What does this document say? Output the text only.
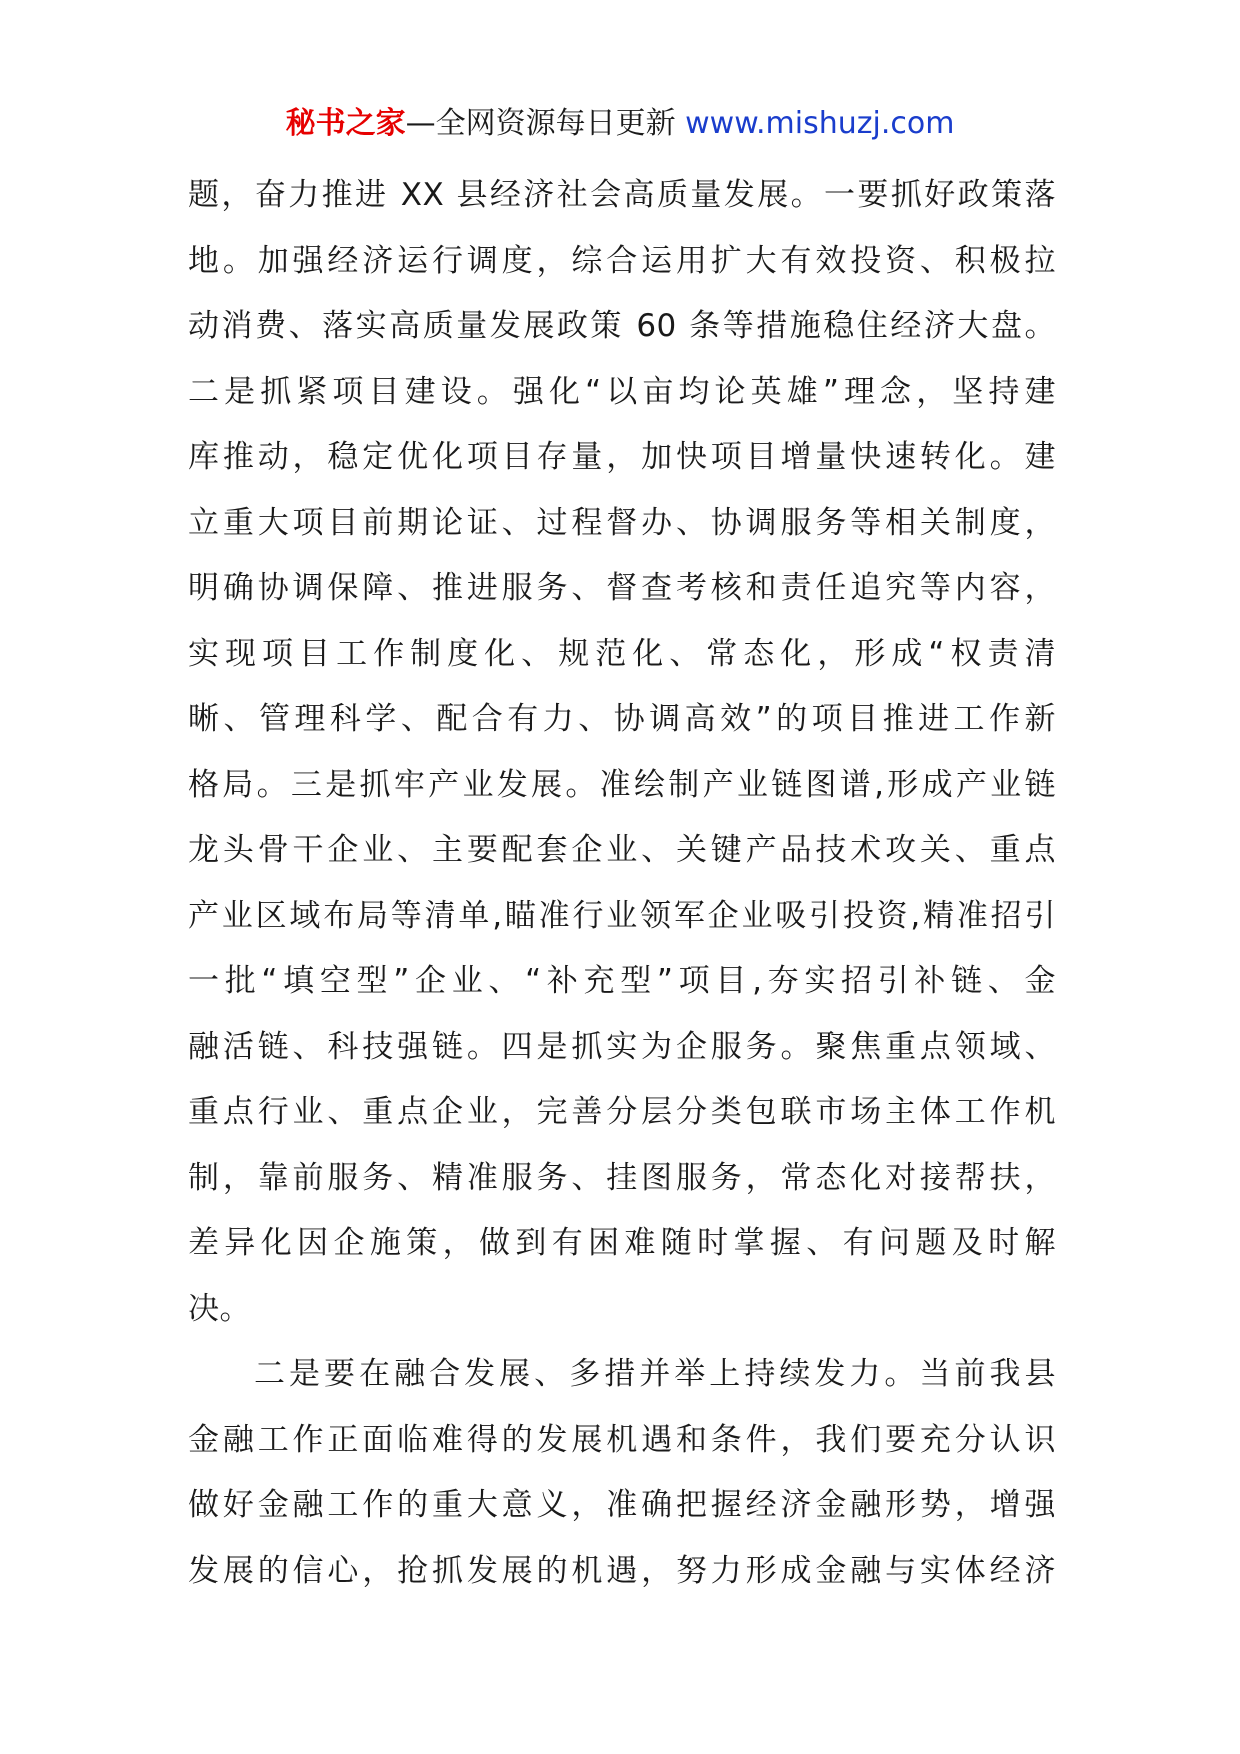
秘书之家—全网资源每日更新 www.mishuzj.com
题，奋力推进 XX 县经济社会高质量发展。一要抓好政策落
地。加强经济运行调度，综合运用扩大有效投资、积极拉
动消费、落实高质量发展政策 60 条等措施稳住经济大盘。
二是抓紧项目建设。强化“以亩均论英雄”理念，坚持建
库推动，稳定优化项目存量，加快项目增量快速转化。建
立重大项目前期论证、过程督办、协调服务等相关制度，
明确协调保障、推进服务、督查考核和责任追究等内容，
实现项目工作制度化、规范化、常态化，形成“权责清
晰、管理科学、配合有力、协调高效”的项目推进工作新
格局。三是抓牢产业发展。准绘制产业链图谱,形成产业链
龙头骨干企业、主要配套企业、关键产品技术攻关、重点
产业区域布局等清单,瞄准行业领军企业吸引投资,精准招引
一批“填空型”企业、“补充型”项目,夯实招引补链、金
融活链、科技强链。四是抓实为企服务。聚焦重点领域、
重点行业、重点企业，完善分层分类包联市场主体工作机
制，靠前服务、精准服务、挂图服务，常态化对接帮扶，
差异化因企施策，做到有困难随时掌握、有问题及时解
决。
二是要在融合发展、多措并举上持续发力。当前我县
金融工作正面临难得的发展机遇和条件，我们要充分认识
做好金融工作的重大意义，准确把握经济金融形势，增强
发展的信心，抢抓发展的机遇，努力形成金融与实体经济
